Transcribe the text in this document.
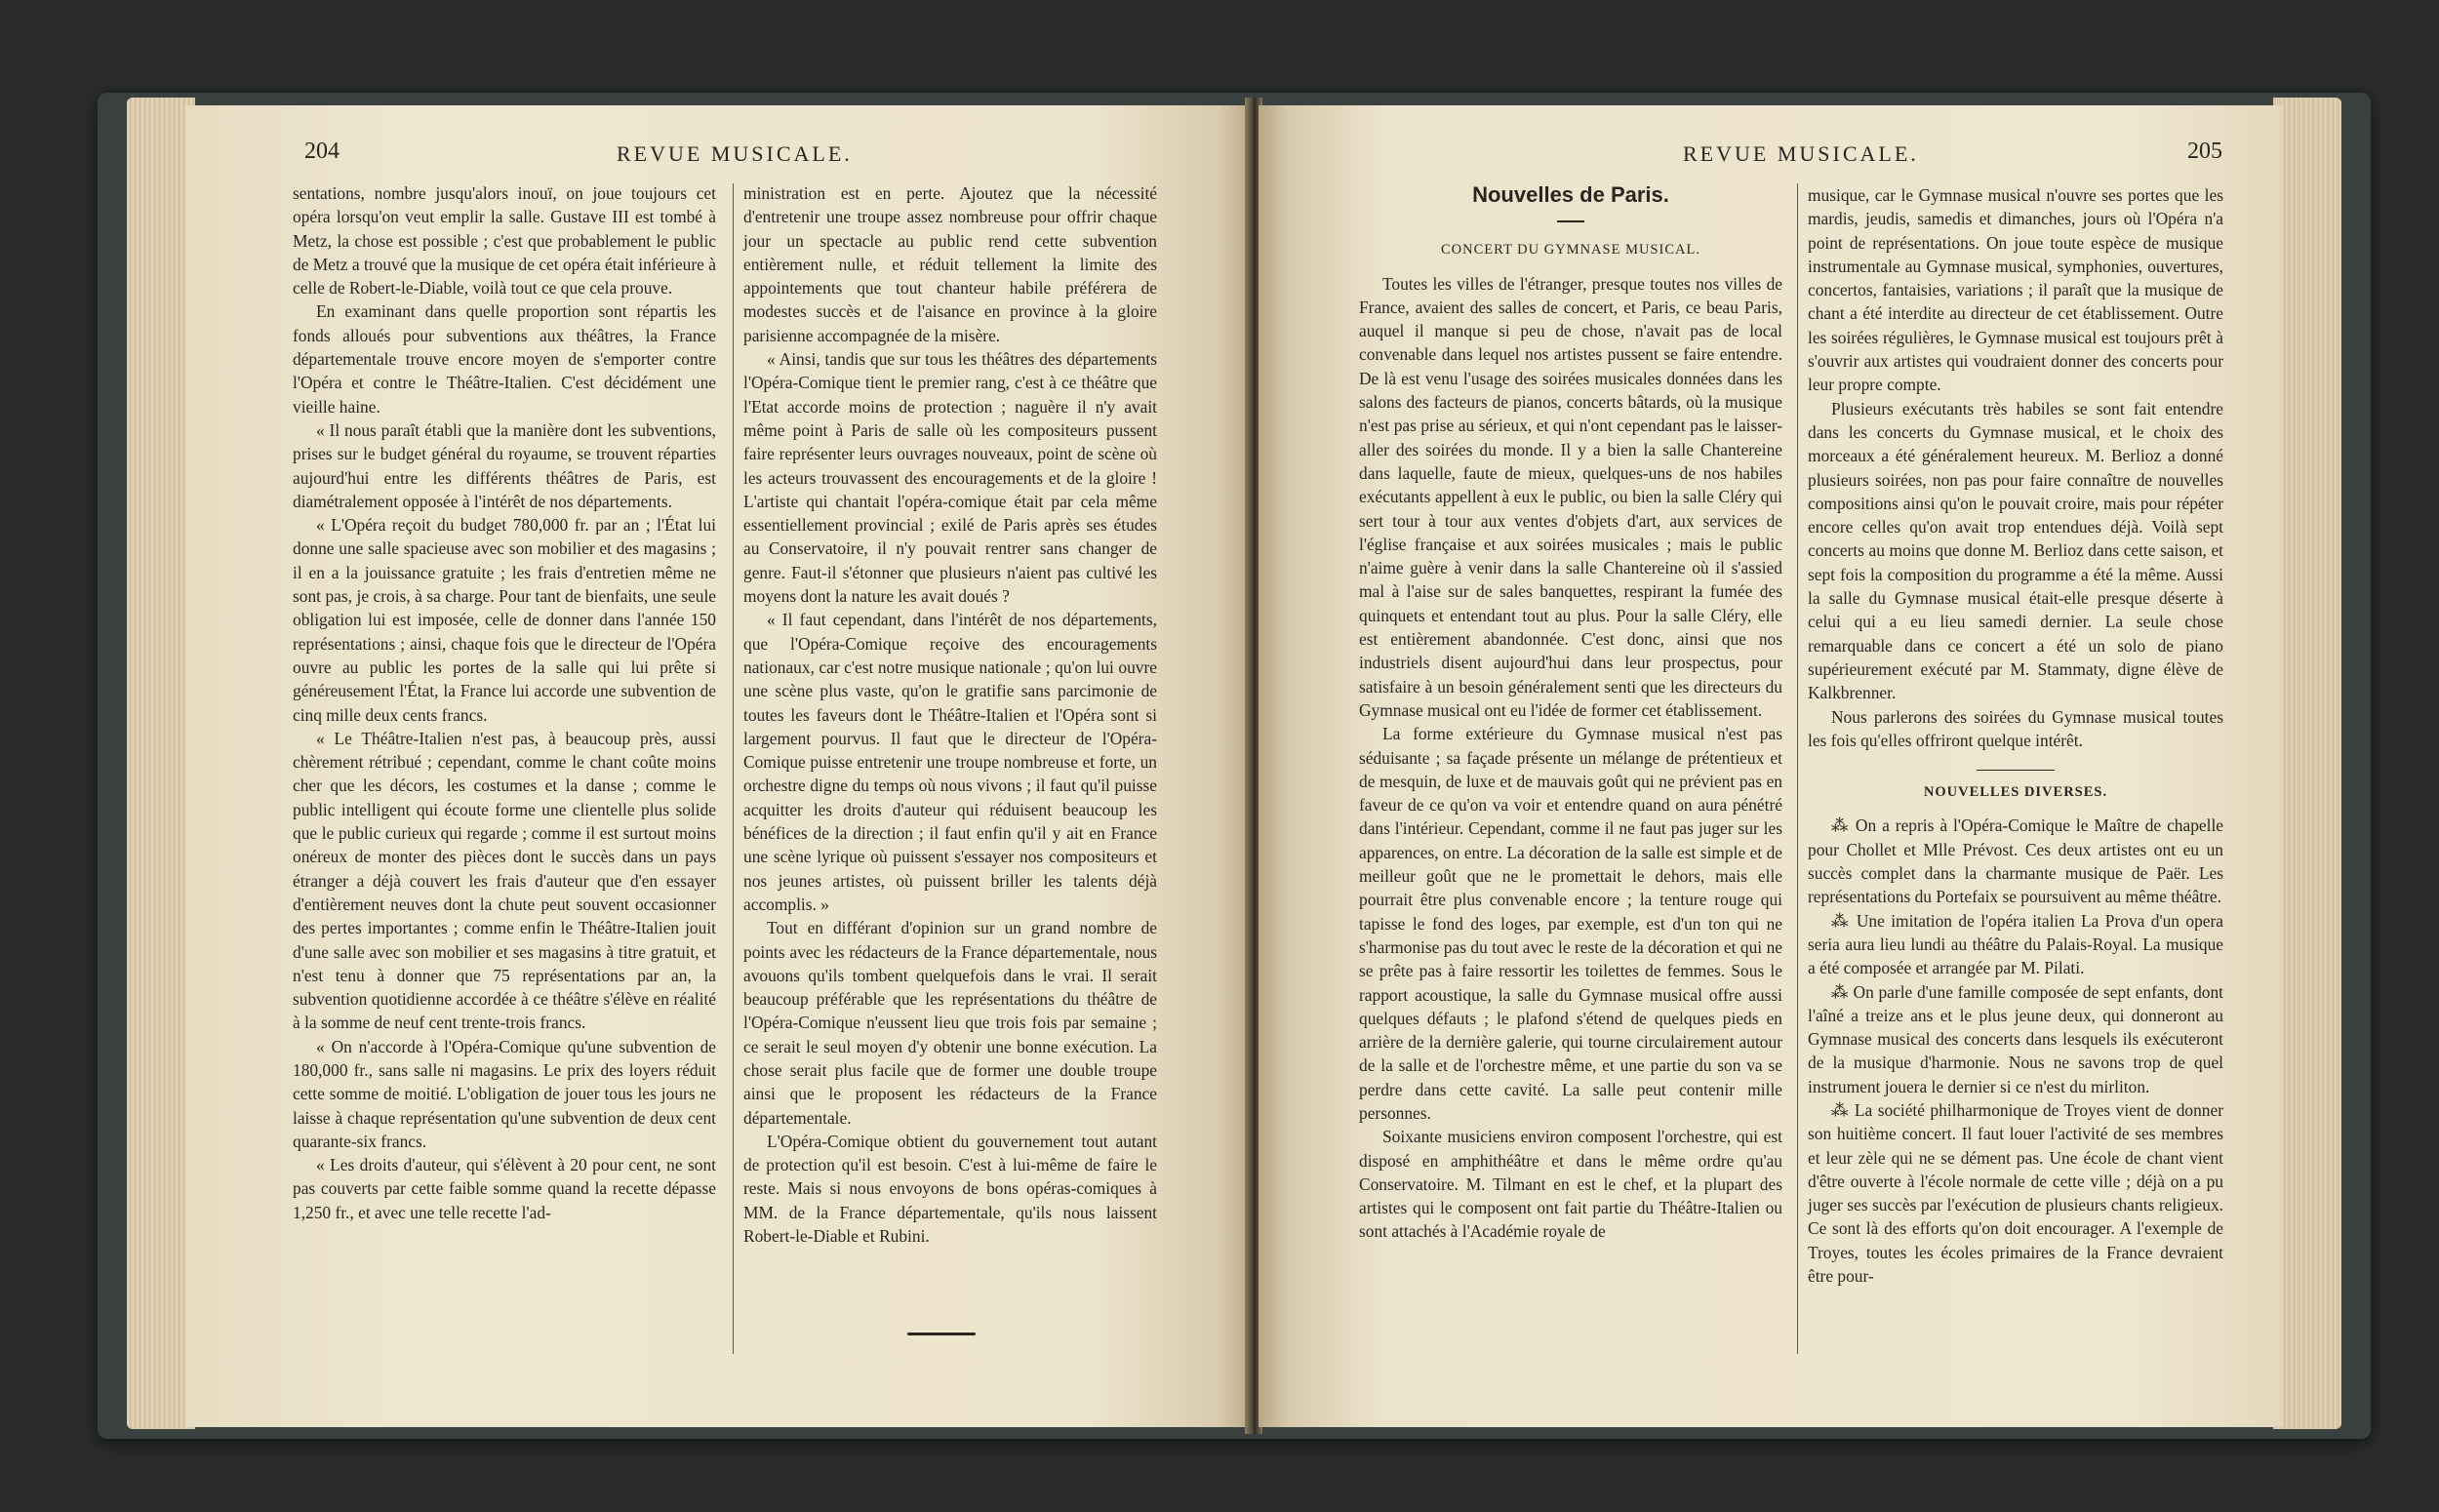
204	REVUE MUSICALE.

sentations, nombre jusqu'alors inouï, on joue toujours cet opéra lorsqu'on veut emplir la salle. Gustave III est tombé à Metz, la chose est possible ; c'est que probablement le public de Metz a trouvé que la musique de cet opéra était inférieure à celle de Robert-le-Diable, voilà tout ce que cela prouve.

En examinant dans quelle proportion sont répartis les fonds alloués pour subventions aux théâtres, la France départementale trouve encore moyen de s'emporter contre l'Opéra et contre le Théâtre-Italien. C'est décidément une vieille haine.

« Il nous paraît établi que la manière dont les subventions, prises sur le budget général du royaume, se trouvent réparties aujourd'hui entre les différents théâtres de Paris, est diamétralement opposée à l'intérêt de nos départements.

« L'Opéra reçoit du budget 780,000 fr. par an ; l'État lui donne une salle spacieuse avec son mobilier et des magasins ; il en a la jouissance gratuite ; les frais d'entretien même ne sont pas, je crois, à sa charge. Pour tant de bienfaits, une seule obligation lui est imposée, celle de donner dans l'année 150 représentations ; ainsi, chaque fois que le directeur de l'Opéra ouvre au public les portes de la salle qui lui prête si généreusement l'État, la France lui accorde une subvention de cinq mille deux cents francs.

« Le Théâtre-Italien n'est pas, à beaucoup près, aussi chèrement rétribué ; cependant, comme le chant coûte moins cher que les décors, les costumes et la danse ; comme le public intelligent qui écoute forme une clientelle plus solide que le public curieux qui regarde ; comme il est surtout moins onéreux de monter des pièces dont le succès dans un pays étranger a déjà couvert les frais d'auteur que d'en essayer d'entièrement neuves dont la chute peut souvent occasionner des pertes importantes ; comme enfin le Théâtre-Italien jouit d'une salle avec son mobilier et ses magasins à titre gratuit, et n'est tenu à donner que 75 représentations par an, la subvention quotidienne accordée à ce théâtre s'élève en réalité à la somme de neuf cent trente-trois francs.

« On n'accorde à l'Opéra-Comique qu'une subvention de 180,000 fr., sans salle ni magasins. Le prix des loyers réduit cette somme de moitié. L'obligation de jouer tous les jours ne laisse à chaque représentation qu'une subvention de deux cent quarante-six francs.

« Les droits d'auteur, qui s'élèvent à 20 pour cent, ne sont pas couverts par cette faible somme quand la recette dépasse 1,250 fr., et avec une telle recette l'ad-

ministration est en perte. Ajoutez que la nécessité d'entretenir une troupe assez nombreuse pour offrir chaque jour un spectacle au public rend cette subvention entièrement nulle, et réduit tellement la limite des appointements que tout chanteur habile préférera de modestes succès et de l'aisance en province à la gloire parisienne accompagnée de la misère.

« Ainsi, tandis que sur tous les théâtres des départements l'Opéra-Comique tient le premier rang, c'est à ce théâtre que l'Etat accorde moins de protection ; naguère il n'y avait même point à Paris de salle où les compositeurs pussent faire représenter leurs ouvrages nouveaux, point de scène où les acteurs trouvassent des encouragements et de la gloire ! L'artiste qui chantait l'opéra-comique était par cela même essentiellement provincial ; exilé de Paris après ses études au Conservatoire, il n'y pouvait rentrer sans changer de genre. Faut-il s'étonner que plusieurs n'aient pas cultivé les moyens dont la nature les avait doués ?

« Il faut cependant, dans l'intérêt de nos départements, que l'Opéra-Comique reçoive des encouragements nationaux, car c'est notre musique nationale ; qu'on lui ouvre une scène plus vaste, qu'on le gratifie sans parcimonie de toutes les faveurs dont le Théâtre-Italien et l'Opéra sont si largement pourvus. Il faut que le directeur de l'Opéra-Comique puisse entretenir une troupe nombreuse et forte, un orchestre digne du temps où nous vivons ; il faut qu'il puisse acquitter les droits d'auteur qui réduisent beaucoup les bénéfices de la direction ; il faut enfin qu'il y ait en France une scène lyrique où puissent s'essayer nos compositeurs et nos jeunes artistes, où puissent briller les talents déjà accomplis. »

Tout en différant d'opinion sur un grand nombre de points avec les rédacteurs de la France départementale, nous avouons qu'ils tombent quelquefois dans le vrai. Il serait beaucoup préférable que les représentations du théâtre de l'Opéra-Comique n'eussent lieu que trois fois par semaine ; ce serait le seul moyen d'y obtenir une bonne exécution. La chose serait plus facile que de former une double troupe ainsi que le proposent les rédacteurs de la France départementale.

L'Opéra-Comique obtient du gouvernement tout autant de protection qu'il est besoin. C'est à lui-même de faire le reste. Mais si nous envoyons de bons opéras-comiques à MM. de la France départementale, qu'ils nous laissent Robert-le-Diable et Rubini.

REVUE MUSICALE.	205
Nouvelles de Paris.
CONCERT DU GYMNASE MUSICAL.

Toutes les villes de l'étranger, presque toutes nos villes de France, avaient des salles de concert, et Paris, ce beau Paris, auquel il manque si peu de chose, n'avait pas de local convenable dans lequel nos artistes pussent se faire entendre. De là est venu l'usage des soirées musicales données dans les salons des facteurs de pianos, concerts bâtards, où la musique n'est pas prise au sérieux, et qui n'ont cependant pas le laisser-aller des soirées du monde. Il y a bien la salle Chantereine dans laquelle, faute de mieux, quelques-uns de nos habiles exécutants appellent à eux le public, ou bien la salle Cléry qui sert tour à tour aux ventes d'objets d'art, aux services de l'église française et aux soirées musicales ; mais le public n'aime guère à venir dans la salle Chantereine où il s'assied mal à l'aise sur de sales banquettes, respirant la fumée des quinquets et entendant tout au plus. Pour la salle Cléry, elle est entièrement abandonnée. C'est donc, ainsi que nos industriels disent aujourd'hui dans leur prospectus, pour satisfaire à un besoin généralement senti que les directeurs du Gymnase musical ont eu l'idée de former cet établissement.

La forme extérieure du Gymnase musical n'est pas séduisante ; sa façade présente un mélange de prétentieux et de mesquin, de luxe et de mauvais goût qui ne prévient pas en faveur de ce qu'on va voir et entendre quand on aura pénétré dans l'intérieur. Cependant, comme il ne faut pas juger sur les apparences, on entre. La décoration de la salle est simple et de meilleur goût que ne le promettait le dehors, mais elle pourrait être plus convenable encore ; la tenture rouge qui tapisse le fond des loges, par exemple, est d'un ton qui ne s'harmonise pas du tout avec le reste de la décoration et qui ne se prête pas à faire ressortir les toilettes de femmes. Sous le rapport acoustique, la salle du Gymnase musical offre aussi quelques défauts ; le plafond s'étend de quelques pieds en arrière de la dernière galerie, qui tourne circulairement autour de la salle et de l'orchestre même, et une partie du son va se perdre dans cette cavité. La salle peut contenir mille personnes.

Soixante musiciens environ composent l'orchestre, qui est disposé en amphithéâtre et dans le même ordre qu'au Conservatoire. M. Tilmant en est le chef, et la plupart des artistes qui le composent ont fait partie du Théâtre-Italien ou sont attachés à l'Académie royale de

musique, car le Gymnase musical n'ouvre ses portes que les mardis, jeudis, samedis et dimanches, jours où l'Opéra n'a point de représentations. On joue toute espèce de musique instrumentale au Gymnase musical, symphonies, ouvertures, concertos, fantaisies, variations ; il paraît que la musique de chant a été interdite au directeur de cet établissement. Outre les soirées régulières, le Gymnase musical est toujours prêt à s'ouvrir aux artistes qui voudraient donner des concerts pour leur propre compte.

Plusieurs exécutants très habiles se sont fait entendre dans les concerts du Gymnase musical, et le choix des morceaux a été généralement heureux. M. Berlioz a donné plusieurs soirées, non pas pour faire connaître de nouvelles compositions ainsi qu'on le pouvait croire, mais pour répéter encore celles qu'on avait trop entendues déjà. Voilà sept concerts au moins que donne M. Berlioz dans cette saison, et sept fois la composition du programme a été la même. Aussi la salle du Gymnase musical était-elle presque déserte à celui qui a eu lieu samedi dernier. La seule chose remarquable dans ce concert a été un solo de piano supérieurement exécuté par M. Stammaty, digne élève de Kalkbrenner.

Nous parlerons des soirées du Gymnase musical toutes les fois qu'elles offriront quelque intérêt.

NOUVELLES DIVERSES.

⁂ On a repris à l'Opéra-Comique le Maître de chapelle pour Chollet et Mlle Prévost. Ces deux artistes ont eu un succès complet dans la charmante musique de Paër. Les représentations du Portefaix se poursuivent au même théâtre.

⁂ Une imitation de l'opéra italien La Prova d'un opera seria aura lieu lundi au théâtre du Palais-Royal. La musique a été composée et arrangée par M. Pilati.

⁂ On parle d'une famille composée de sept enfants, dont l'aîné a treize ans et le plus jeune deux, qui donneront au Gymnase musical des concerts dans lesquels ils exécuteront de la musique d'harmonie. Nous ne savons trop de quel instrument jouera le dernier si ce n'est du mirliton.

⁂ La société philharmonique de Troyes vient de donner son huitième concert. Il faut louer l'activité de ses membres et leur zèle qui ne se dément pas. Une école de chant vient d'être ouverte à l'école normale de cette ville ; déjà on a pu juger ses succès par l'exécution de plusieurs chants religieux. Ce sont là des efforts qu'on doit encourager. A l'exemple de Troyes, toutes les écoles primaires de la France devraient être pour-
